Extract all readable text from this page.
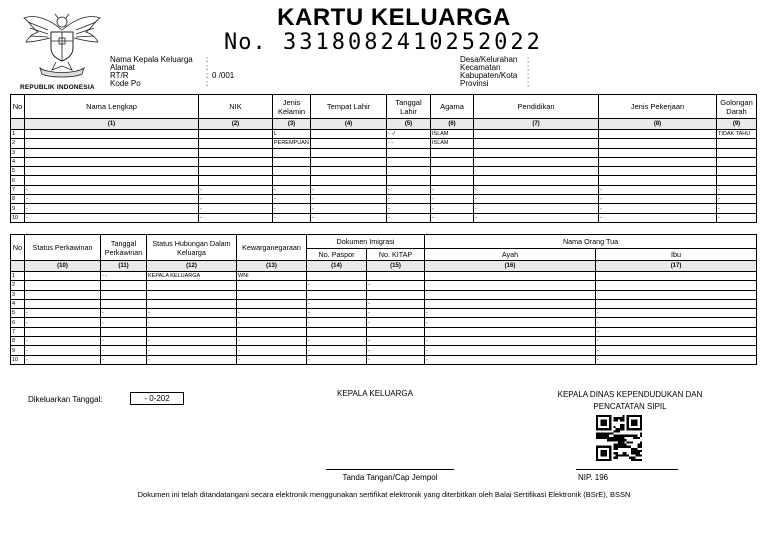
REPUBLIK INDONESIA
KARTU KELUARGA
No. 3318082410252022
Nama Kepala Keluarga	:
Alamat	:
RT/R	: 0 /001
Kode Po	:
Desa/Kelurahan	:
Kecamatan	:
Kabupaten/Kota	:
Provinsi	:
No	Nama Lengkap	NIK	Jenis Kelamin	Tempat Lahir	Tanggal Lahir	Agama	Pendidikan	Jenis Pekerjaan	Golongan Darah
	(1)	(2)	(3)	(4)	(5)	(6)	(7)	(8)	(9)
1			L		- -/	ISLAM			TIDAK TAHU
2			PEREMPUAN		- -	ISLAM			
3									
4									
5									
6									
7	-	-	-	-	-	-	-	-	-
8	-	-	-	-	-	-	-	-	-
9	-	-	-	-	-	-	-	-	-
10	-	-	-	-	-	-	-	-	-
No	Status Perkawinan	Tanggal Perkawinan	Status Hubungan Dalam Keluarga	Kewarganegaraan	Dokumen Imigrasi		Nama Orang Tua	
					No. Paspor	No. KITAP	Ayah	Ibu
	(10)	(11)	(12)	(13)	(14)	(15)	(16)	(17)
1		- -	KEPALA KELUARGA	WNI				
2					-	-		
3								
4					-	-		
5	-	-	-	-	-	-	-	-
6	-	-	-	-	-	-	-	-
7								-
8	-	-	-	-	-	-	-	-
9	-	-	-	-	-	-	-	-
10	-	-	-	-	-	-	-	-
Dikeluarkan Tanggal:	- 0-202
KEPALA KELUARGA	KEPALA DINAS KEPENDUDUKAN DAN
PENCATATAN SIPIL
Tanda Tangan/Cap Jempol	NIP. 196
Dokumen ini telah ditandatangani secara elektronik menggunakan sertifikat elektronik yang diterbitkan oleh Balai Sertifikasi Elektronik (BSrE), BSSN
